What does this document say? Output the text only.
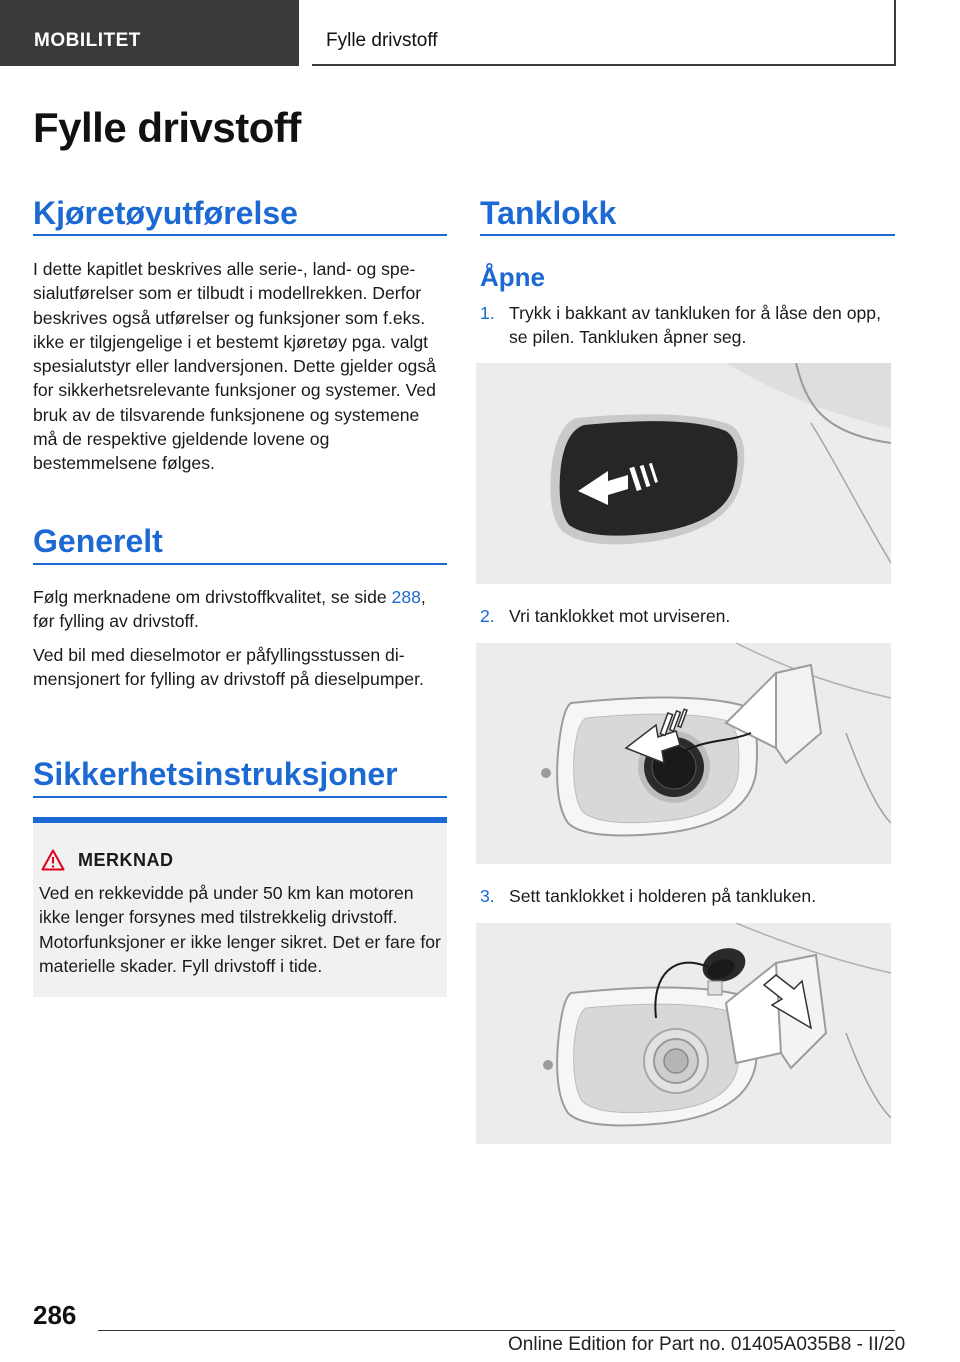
MOBILITET	Fylle drivstoff
Fylle drivstoff
Kjøretøyutførelse

I dette kapitlet beskrives alle serie-, land- og spesialutførelser som er tilbudt i modellrekken. Derfor beskrives også utførelser og funksjoner som f.eks. ikke er tilgjengelige i et bestemt kjøretøy pga. valgt spesialutstyr eller landversjonen. Dette gjelder også for sikkerhetsrelevante funksjoner og systemer. Ved bruk av de tilsvarende funksjonene og systemene må de respektive gjeldende lovene og bestemmelsene følges.

Generelt

Følg merknadene om drivstoffkvalitet, se side 288, før fylling av drivstoff.

Ved bil med dieselmotor er påfyllingsstussen dimensjonert for fylling av drivstoff på dieselpumper.

Sikkerhetsinstruksjoner
MERKNAD

Ved en rekkevidde på under 50 km kan motoren ikke lenger forsynes med tilstrekkelig drivstoff. Motorfunksjoner er ikke lenger sikret. Det er fare for materielle skader. Fyll drivstoff i tide.

Tanklokk
Åpne
1. Trykk i bakkant av tankluken for å låse den opp, se pilen. Tankluken åpner seg.
2. Vri tanklokket mot urviseren.
3. Sett tanklokket i holderen på tankluken.
286
Online Edition for Part no. 01405A035B8 - II/20
